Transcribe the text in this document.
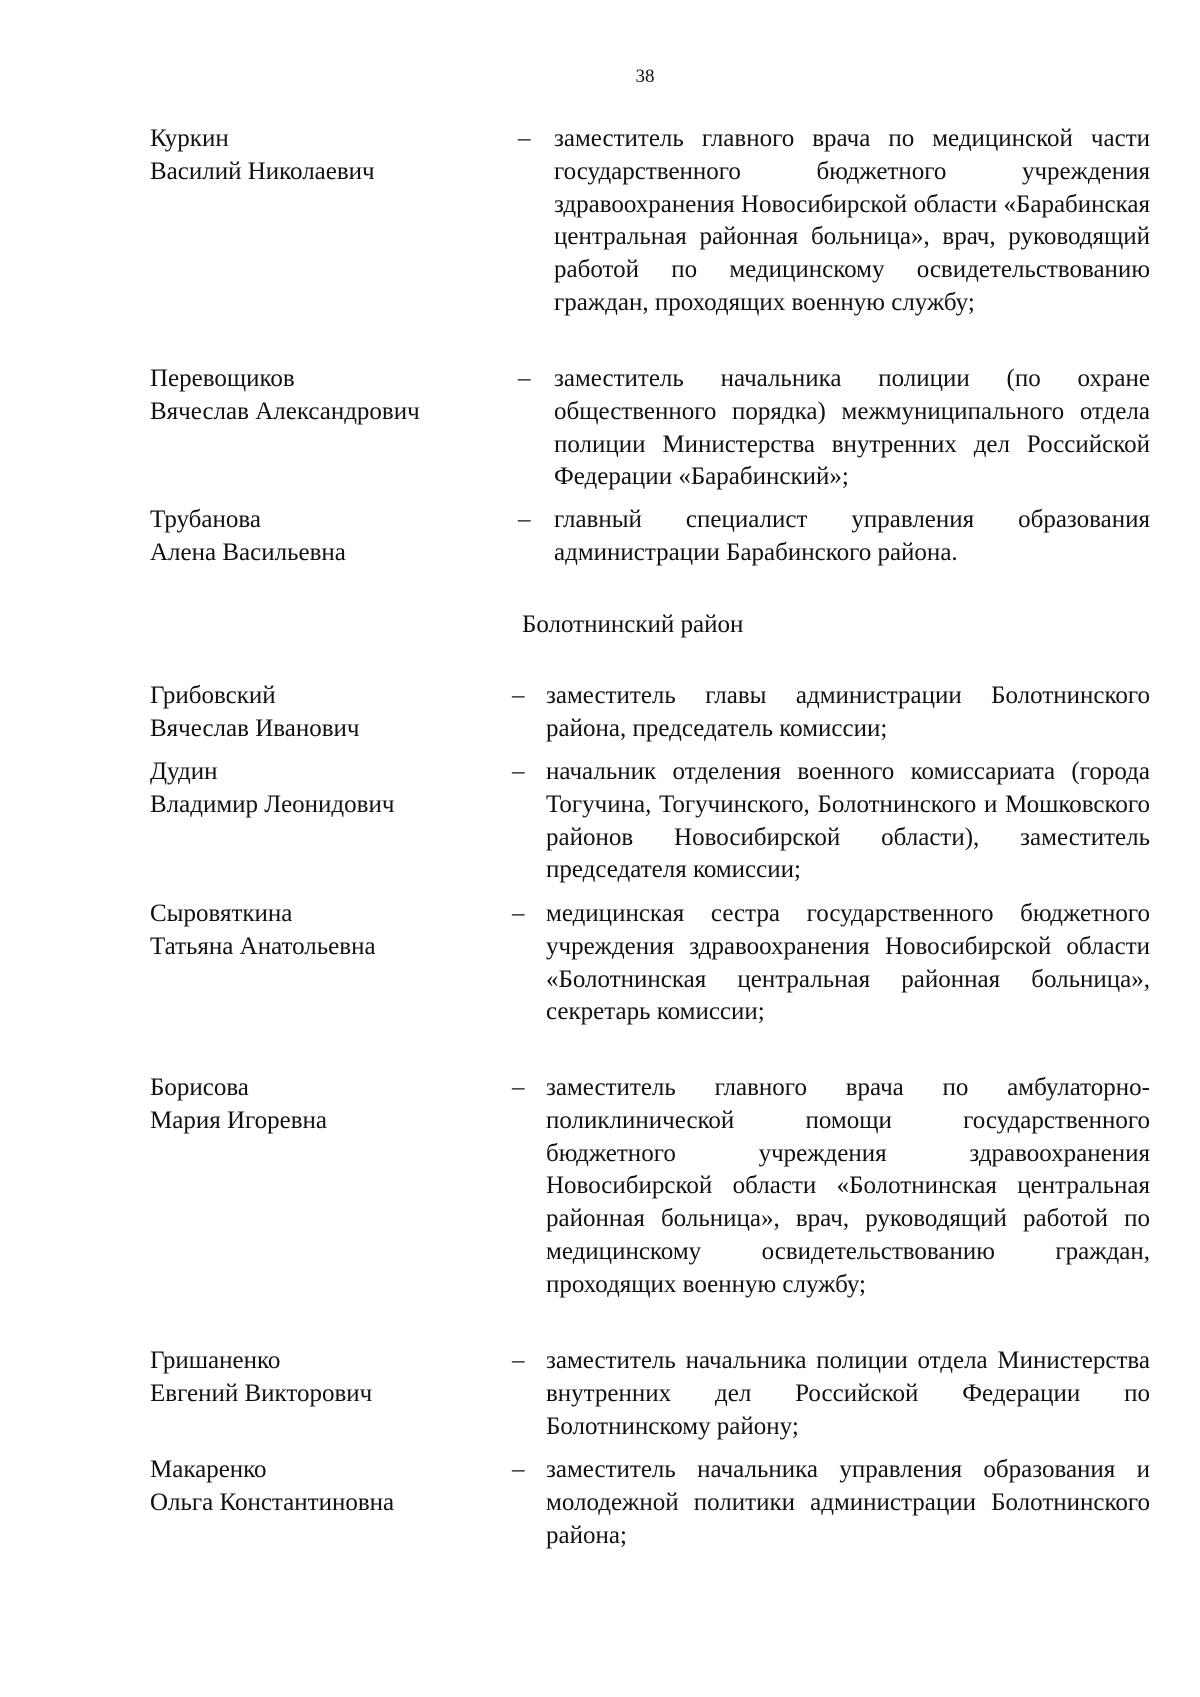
38
Куркин
Василий Николаевич
– заместитель главного врача по медицинской части государственного бюджетного учреждения здравоохранения Новосибирской области «Барабинская центральная районная больница», врач, руководящий работой по медицинскому освидетельствованию граждан, проходящих военную службу;
Перевощиков
Вячеслав Александрович
– заместитель начальника полиции (по охране общественного порядка) межмуниципального отдела полиции Министерства внутренних дел Российской Федерации «Барабинский»;
Трубанова
Алена Васильевна
– главный специалист управления образования администрации Барабинского района.
Болотнинский район
Грибовский
Вячеслав Иванович
– заместитель главы администрации Болотнинского района, председатель комиссии;
Дудин
Владимир Леонидович
– начальник отделения военного комиссариата (города Тогучина, Тогучинского, Болотнинского и Мошковского районов Новосибирской области), заместитель председателя комиссии;
Сыровяткина
Татьяна Анатольевна
– медицинская сестра государственного бюджетного учреждения здравоохранения Новосибирской области «Болотнинская центральная районная больница», секретарь комиссии;
Борисова
Мария Игоревна
– заместитель главного врача по амбулаторно-поликлинической помощи государственного бюджетного учреждения здравоохранения Новосибирской области «Болотнинская центральная районная больница», врач, руководящий работой по медицинскому освидетельствованию граждан, проходящих военную службу;
Гришаненко
Евгений Викторович
– заместитель начальника полиции отдела Министерства внутренних дел Российской Федерации по Болотнинскому району;
Макаренко
Ольга Константиновна
– заместитель начальника управления образования и молодежной политики администрации Болотнинского района;
